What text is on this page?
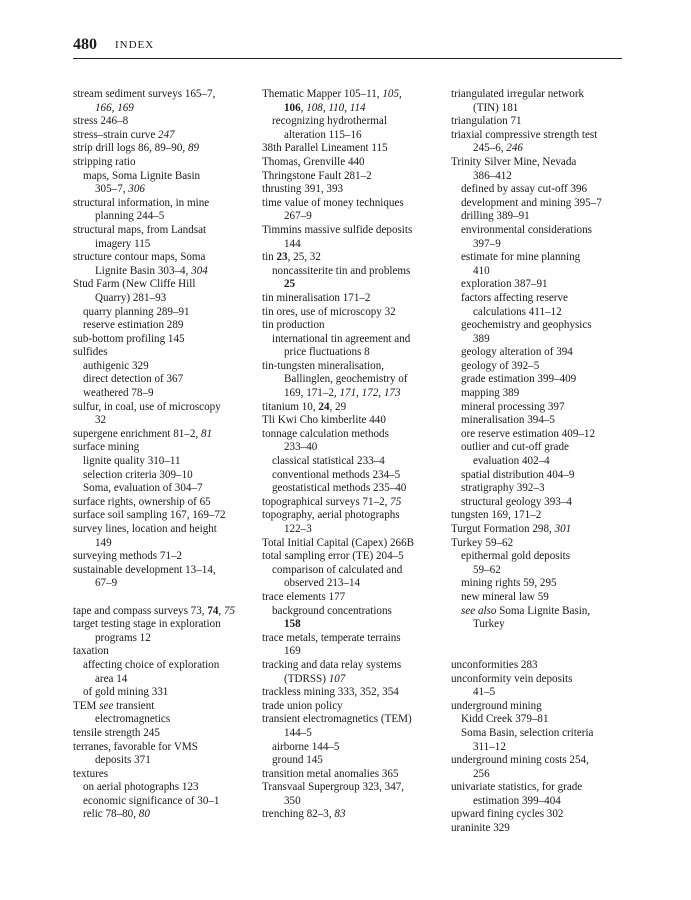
480 INDEX
stream sediment surveys 165–7,
166, 169
stress 246–8
stress–strain curve 247
strip drill logs 86, 89–90, 89
stripping ratio
maps, Soma Lignite Basin
305–7, 306
structural information, in mine
planning 244–5
structural maps, from Landsat
imagery 115
structure contour maps, Soma
Lignite Basin 303–4, 304
Stud Farm (New Cliffe Hill
Quarry) 281–93
quarry planning 289–91
reserve estimation 289
sub-bottom profiling 145
sulfides
authigenic 329
direct detection of 367
weathered 78–9
sulfur, in coal, use of microscopy
32
supergene enrichment 81–2, 81
surface mining
lignite quality 310–11
selection criteria 309–10
Soma, evaluation of 304–7
surface rights, ownership of 65
surface soil sampling 167, 169–72
survey lines, location and height
149
surveying methods 71–2
sustainable development 13–14,
67–9
tape and compass surveys 73, 74, 75
target testing stage in exploration
programs 12
taxation
affecting choice of exploration
area 14
of gold mining 331
TEM see transient
electromagnetics
tensile strength 245
terranes, favorable for VMS
deposits 371
textures
on aerial photographs 123
economic significance of 30–1
relic 78–80, 80
Thematic Mapper 105–11, 105,
106, 108, 110, 114
recognizing hydrothermal
alteration 115–16
38th Parallel Lineament 115
Thomas, Grenville 440
Thringstone Fault 281–2
thrusting 391, 393
time value of money techniques
267–9
Timmins massive sulfide deposits
144
tin 23, 25, 32
noncassiterite tin and problems
25
tin mineralisation 171–2
tin ores, use of microscopy 32
tin production
international tin agreement and
price fluctuations 8
tin-tungsten mineralisation,
Ballinglen, geochemistry of
169, 171–2, 171, 172, 173
titanium 10, 24, 29
Tli Kwi Cho kimberlite 440
tonnage calculation methods
233–40
classical statistical 233–4
conventional methods 234–5
geostatistical methods 235–40
topographical surveys 71–2, 75
topography, aerial photographs
122–3
Total Initial Capital (Capex) 266B
total sampling error (TE) 204–5
comparison of calculated and
observed 213–14
trace elements 177
background concentrations
158
trace metals, temperate terrains
169
tracking and data relay systems
(TDRSS) 107
trackless mining 333, 352, 354
trade union policy
transient electromagnetics (TEM)
144–5
airborne 144–5
ground 145
transition metal anomalies 365
Transvaal Supergroup 323, 347,
350
trenching 82–3, 83
triangulated irregular network
(TIN) 181
triangulation 71
triaxial compressive strength test
245–6, 246
Trinity Silver Mine, Nevada
386–412
defined by assay cut-off 396
development and mining 395–7
drilling 389–91
environmental considerations
397–9
estimate for mine planning
410
exploration 387–91
factors affecting reserve
calculations 411–12
geochemistry and geophysics
389
geology alteration of 394
geology of 392–5
grade estimation 399–409
mapping 389
mineral processing 397
mineralisation 394–5
ore reserve estimation 409–12
outlier and cut-off grade
evaluation 402–4
spatial distribution 404–9
stratigraphy 392–3
structural geology 393–4
tungsten 169, 171–2
Turgut Formation 298, 301
Turkey 59–62
epithermal gold deposits
59–62
mining rights 59, 295
new mineral law 59
see also Soma Lignite Basin,
Turkey
unconformities 283
unconformity vein deposits
41–5
underground mining
Kidd Creek 379–81
Soma Basin, selection criteria
311–12
underground mining costs 254,
256
univariate statistics, for grade
estimation 399–404
upward fining cycles 302
uraninite 329
